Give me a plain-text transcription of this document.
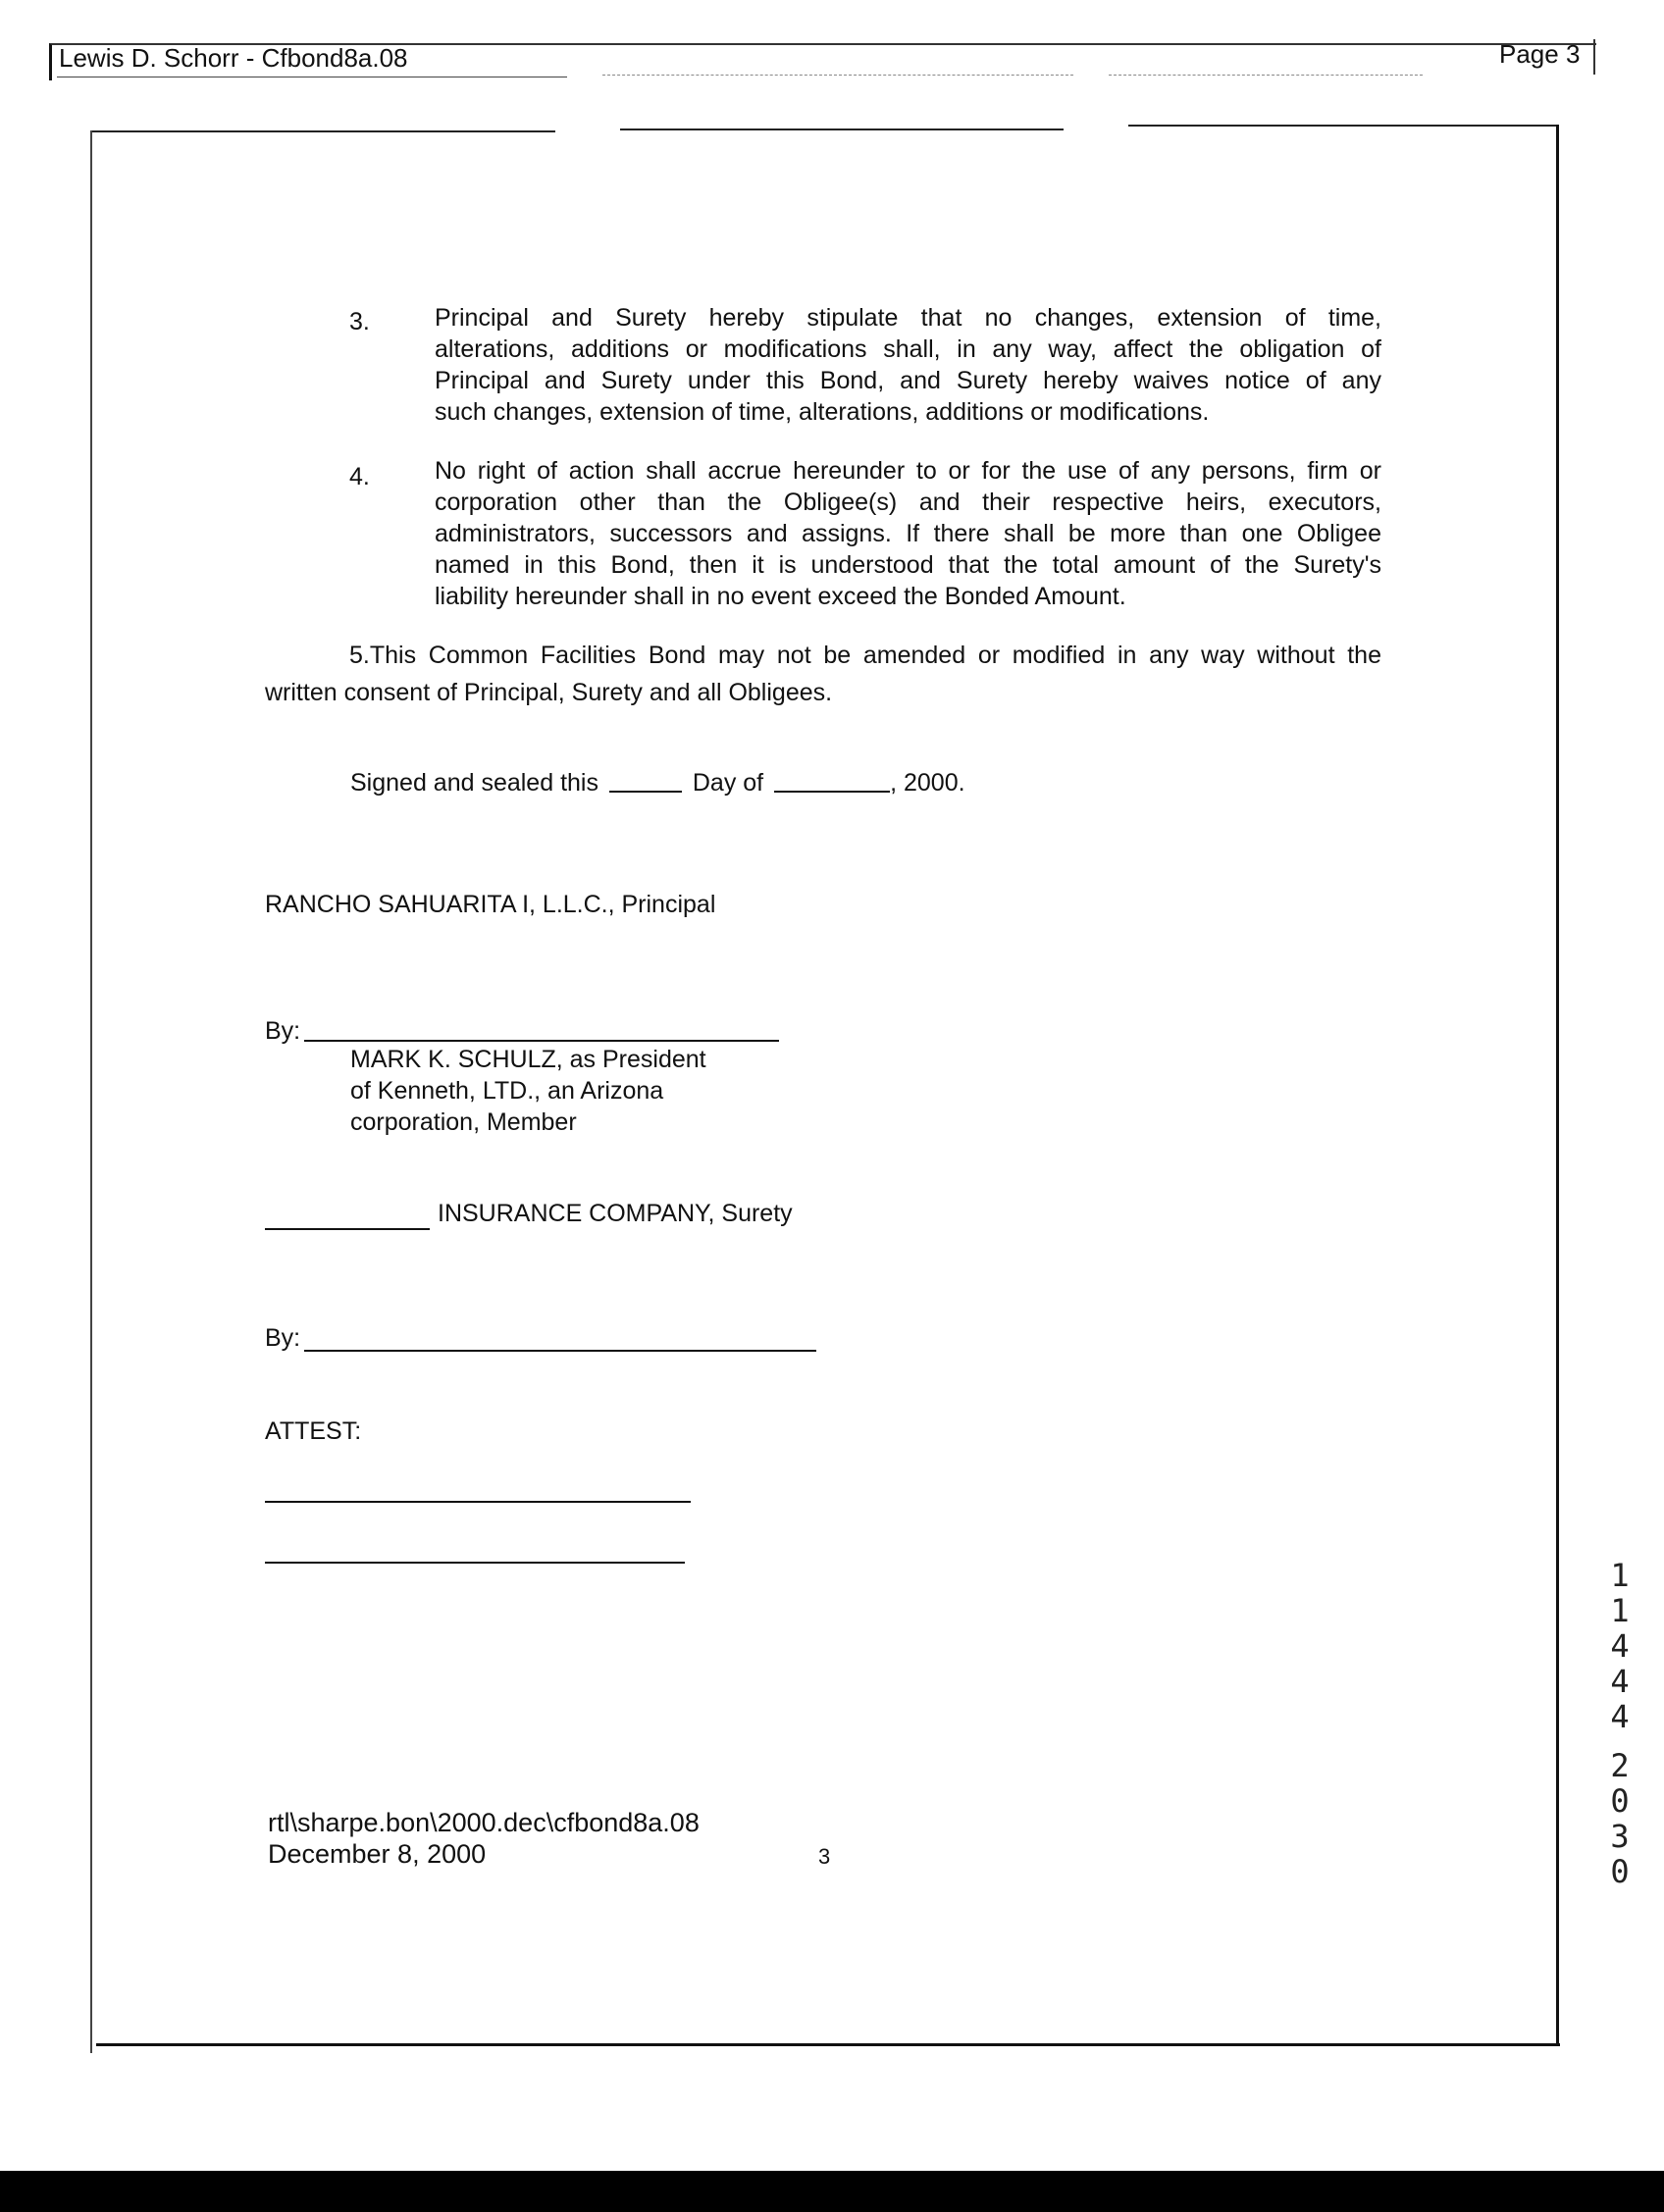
Lewis D. Schorr - Cfbond8a.08	Page 3
3.	Principal and Surety hereby stipulate that no changes, extension of time,
alterations, additions or modifications shall, in any way, affect the obligation of
Principal and Surety under this Bond, and Surety hereby waives notice of any
such changes, extension of time, alterations, additions or modifications.
4.	No right of action shall accrue hereunder to or for the use of any persons, firm or
corporation other than the Obligee(s) and their respective heirs, executors,
administrators, successors and assigns. If there shall be more than one Obligee
named in this Bond, then it is understood that the total amount of the Surety's
liability hereunder shall in no event exceed the Bonded Amount.
5.This Common Facilities Bond may not be amended or modified in any way without the
written consent of Principal, Surety and all Obligees.
Signed and sealed this	Day of	, 2000.
RANCHO SAHUARITA I, L.L.C., Principal
By:
MARK K. SCHULZ, as President
of Kenneth, LTD., an Arizona
corporation, Member
INSURANCE COMPANY, Surety
By:
ATTEST:
rtl\sharpe.bon\2000.dec\cfbond8a.08
December 8, 2000	3
1
1
4
4
4
2
0
3
0
